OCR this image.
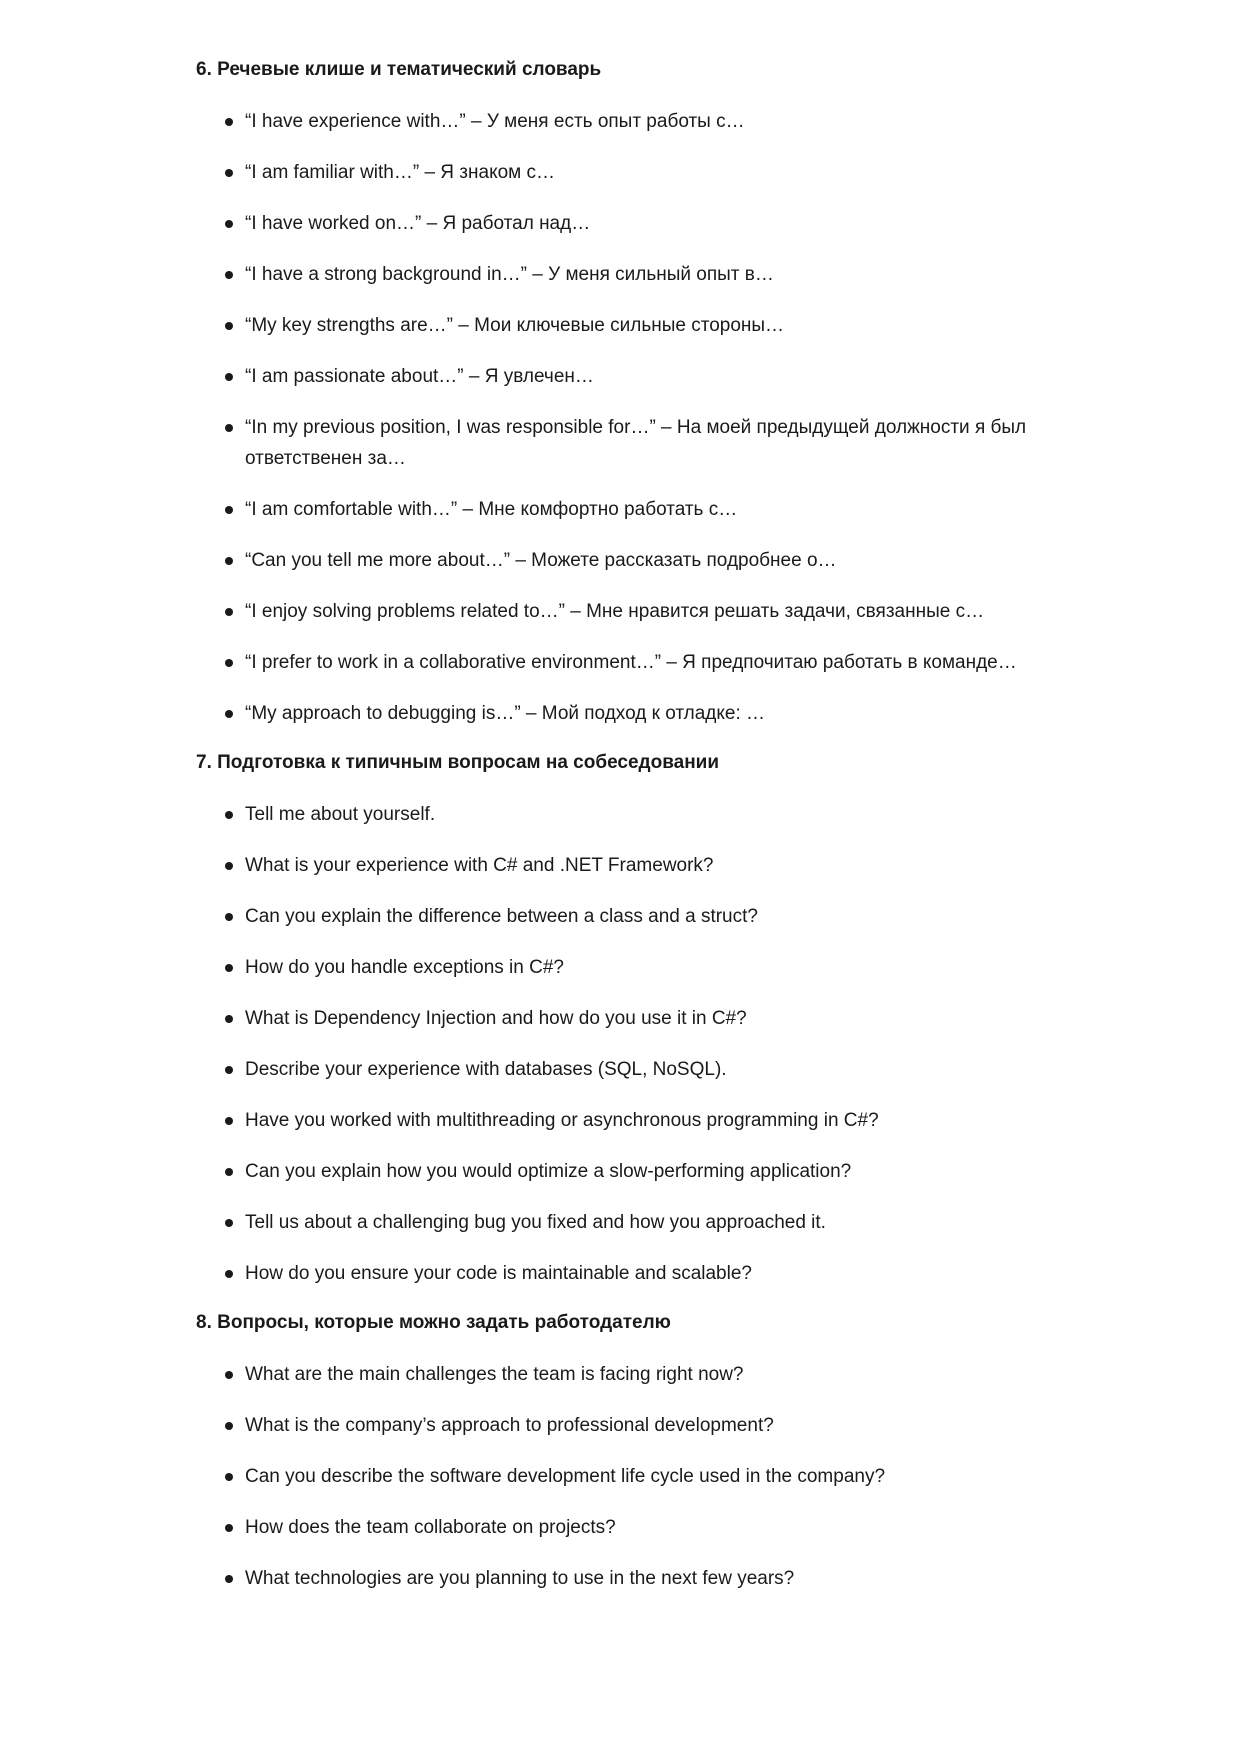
6. Речевые клише и тематический словарь
“I have experience with…” – У меня есть опыт работы с…
“I am familiar with…” – Я знаком с…
“I have worked on…” – Я работал над…
“I have a strong background in…” – У меня сильный опыт в…
“My key strengths are…” – Мои ключевые сильные стороны…
“I am passionate about…” – Я увлечен…
“In my previous position, I was responsible for…” – На моей предыдущей должности я был ответственен за…
“I am comfortable with…” – Мне комфортно работать с…
“Can you tell me more about…” – Можете рассказать подробнее о…
“I enjoy solving problems related to…” – Мне нравится решать задачи, связанные с…
“I prefer to work in a collaborative environment…” – Я предпочитаю работать в команде…
“My approach to debugging is…” – Мой подход к отладке: …
7. Подготовка к типичным вопросам на собеседовании
Tell me about yourself.
What is your experience with C# and .NET Framework?
Can you explain the difference between a class and a struct?
How do you handle exceptions in C#?
What is Dependency Injection and how do you use it in C#?
Describe your experience with databases (SQL, NoSQL).
Have you worked with multithreading or asynchronous programming in C#?
Can you explain how you would optimize a slow-performing application?
Tell us about a challenging bug you fixed and how you approached it.
How do you ensure your code is maintainable and scalable?
8. Вопросы, которые можно задать работодателю
What are the main challenges the team is facing right now?
What is the company’s approach to professional development?
Can you describe the software development life cycle used in the company?
How does the team collaborate on projects?
What technologies are you planning to use in the next few years?
